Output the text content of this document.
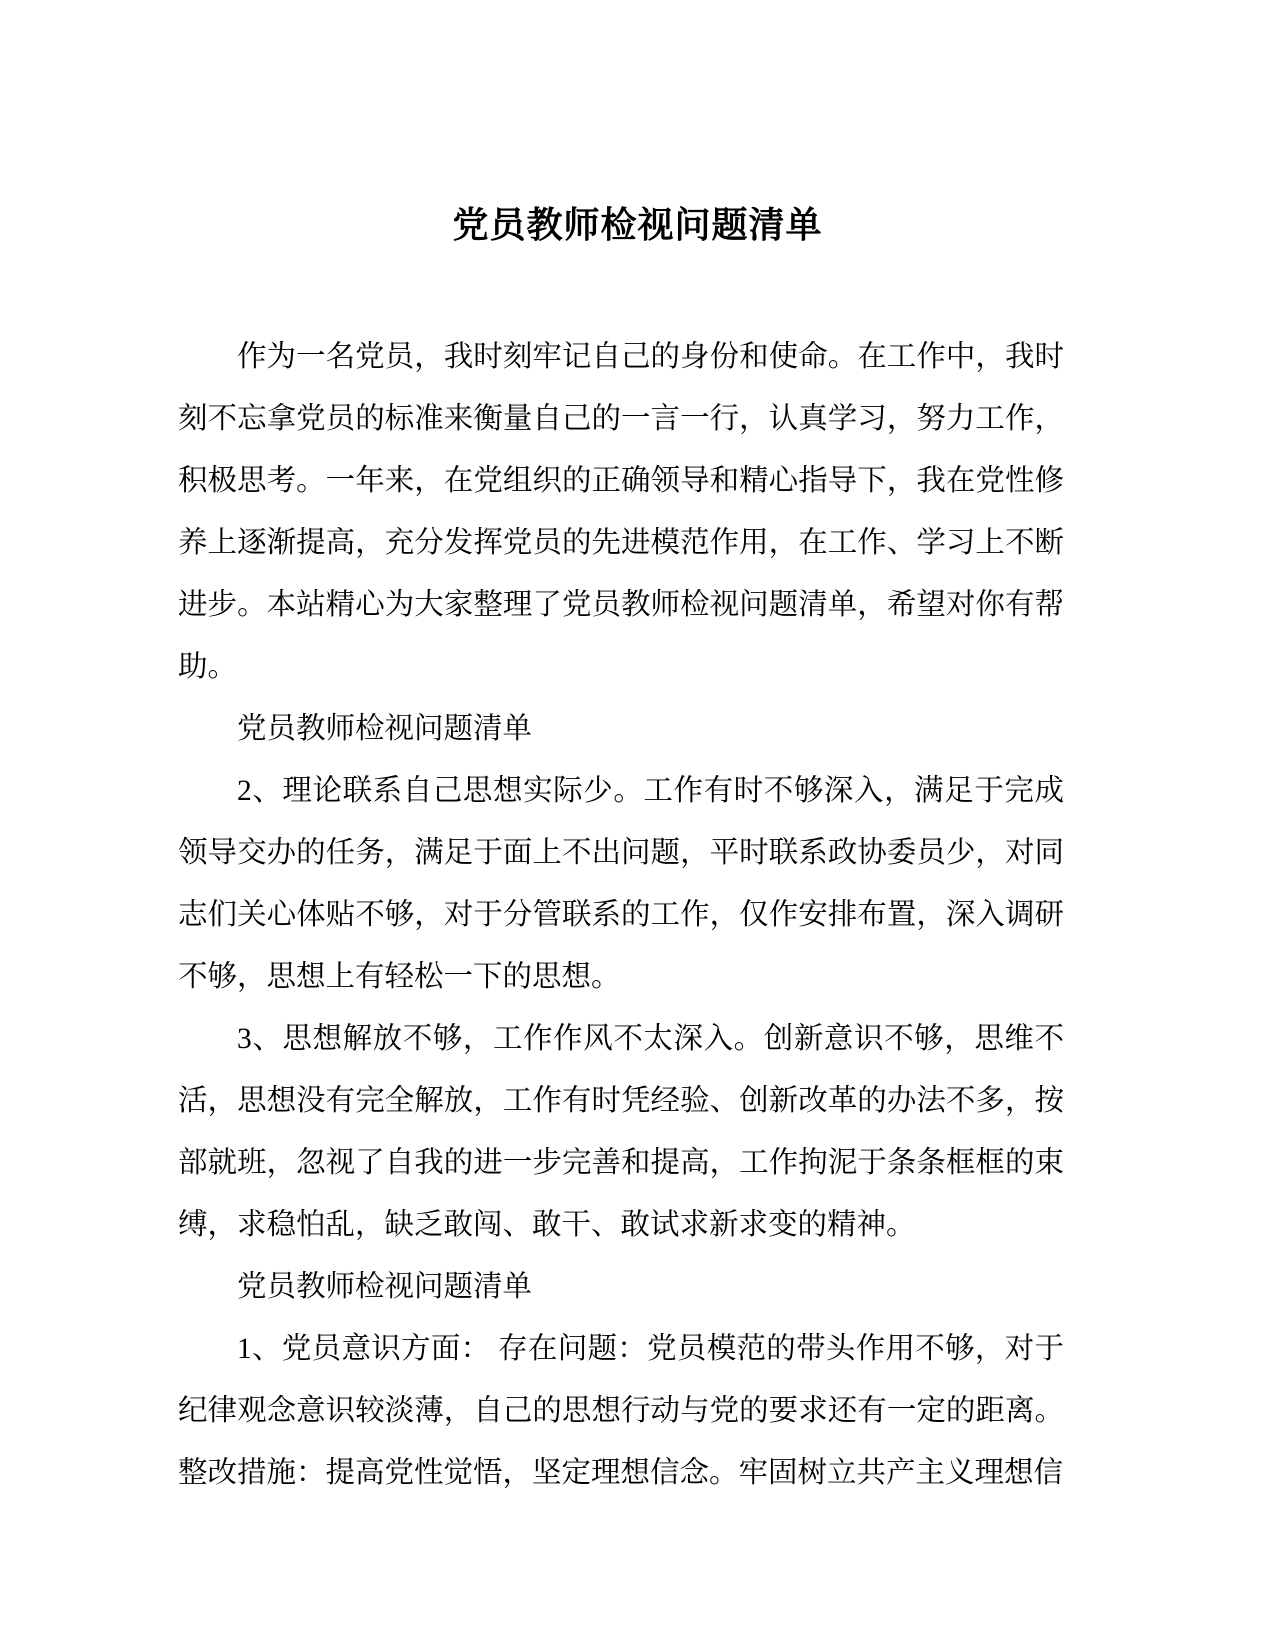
党员教师检视问题清单

作为一名党员，我时刻牢记自己的身份和使命。在工作中，我时刻不忘拿党员的标准来衡量自己的一言一行，认真学习，努力工作，积极思考。一年来，在党组织的正确领导和精心指导下，我在党性修养上逐渐提高，充分发挥党员的先进模范作用，在工作、学习上不断进步。本站精心为大家整理了党员教师检视问题清单，希望对你有帮助。

党员教师检视问题清单

2、理论联系自己思想实际少。工作有时不够深入，满足于完成领导交办的任务，满足于面上不出问题，平时联系政协委员少，对同志们关心体贴不够，对于分管联系的工作，仅作安排布置，深入调研不够，思想上有轻松一下的思想。

3、思想解放不够，工作作风不太深入。创新意识不够，思维不活，思想没有完全解放，工作有时凭经验、创新改革的办法不多，按部就班，忽视了自我的进一步完善和提高，工作拘泥于条条框框的束缚，求稳怕乱，缺乏敢闯、敢干、敢试求新求变的精神。

党员教师检视问题清单

1、党员意识方面： 存在问题：党员模范的带头作用不够，对于纪律观念意识较淡薄，自己的思想行动与党的要求还有一定的距离。整改措施：提高党性觉悟，坚定理想信念。牢固树立共产主义理想信
